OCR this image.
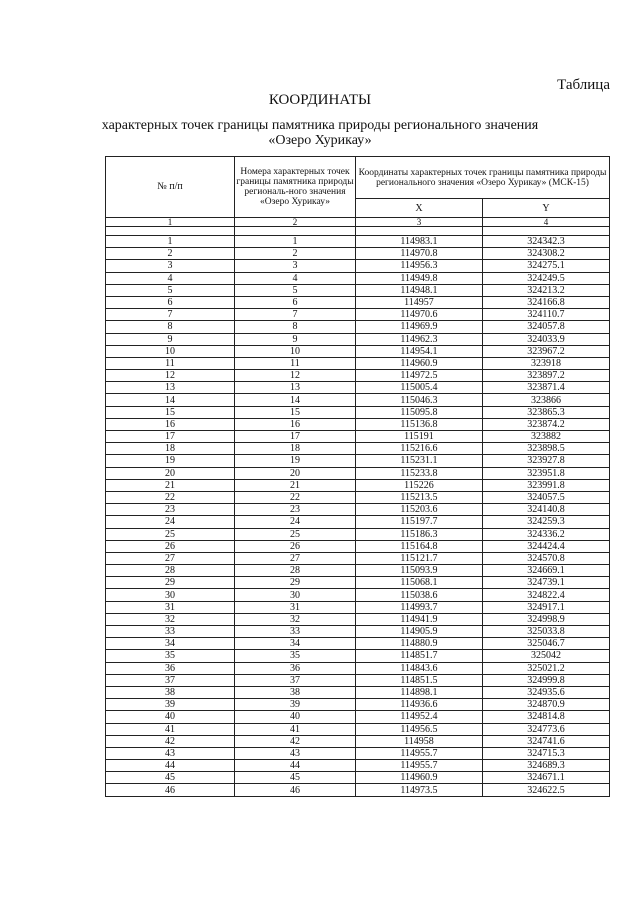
Таблица
КООРДИНАТЫ
характерных точек границы памятника природы регионального значения
«Озеро Хурикау»
№ п/п	Номера характерных точек границы памятника природы региональ-ного значения «Озеро Хурикау»	Координаты характерных точек границы памятника природы регионального значения «Озеро Хурикау» (МСК-15)	
		X	Y
1	2	3	4

1	1	114983.1	324342.3
2	2	114970.8	324308.2
3	3	114956.3	324275.1
4	4	114949.8	324249.5
5	5	114948.1	324213.2
6	6	114957	324166.8
7	7	114970.6	324110.7
8	8	114969.9	324057.8
9	9	114962.3	324033.9
10	10	114954.1	323967.2
11	11	114960.9	323918
12	12	114972.5	323897.2
13	13	115005.4	323871.4
14	14	115046.3	323866
15	15	115095.8	323865.3
16	16	115136.8	323874.2
17	17	115191	323882
18	18	115216.6	323898.5
19	19	115231.1	323927.8
20	20	115233.8	323951.8
21	21	115226	323991.8
22	22	115213.5	324057.5
23	23	115203.6	324140.8
24	24	115197.7	324259.3
25	25	115186.3	324336.2
26	26	115164.8	324424.4
27	27	115121.7	324570.8
28	28	115093.9	324669.1
29	29	115068.1	324739.1
30	30	115038.6	324822.4
31	31	114993.7	324917.1
32	32	114941.9	324998.9
33	33	114905.9	325033.8
34	34	114880.9	325046.7
35	35	114851.7	325042
36	36	114843.6	325021.2
37	37	114851.5	324999.8
38	38	114898.1	324935.6
39	39	114936.6	324870.9
40	40	114952.4	324814.8
41	41	114956.5	324773.6
42	42	114958	324741.6
43	43	114955.7	324715.3
44	44	114955.7	324689.3
45	45	114960.9	324671.1
46	46	114973.5	324622.5
